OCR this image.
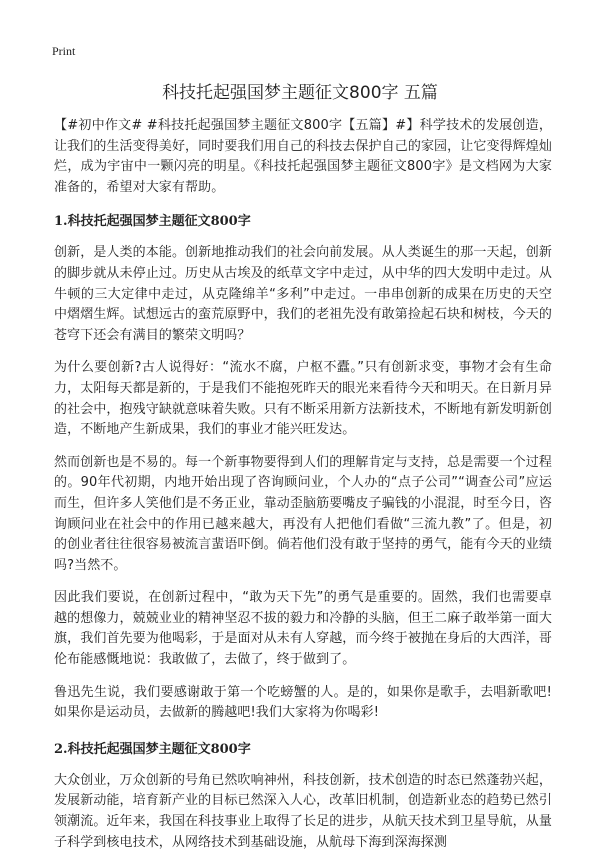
Print
科技托起强国梦主题征文800字 五篇

【#初中作文# #科技托起强国梦主题征文800字【五篇】#】科学技术的发展创造，让我们的生活变得美好，同时要我们用自己的科技去保护自己的家园，让它变得辉煌灿烂，成为宇宙中一颗闪亮的明星。《科技托起强国梦主题征文800字》是文档网为大家准备的，希望对大家有帮助。

1.科技托起强国梦主题征文800字

创新，是人类的本能。创新地推动我们的社会向前发展。从人类诞生的那一天起，创新的脚步就从未停止过。历史从古埃及的纸草文字中走过，从中华的四大发明中走过。从牛顿的三大定律中走过，从克隆绵羊“多利”中走过。一串串创新的成果在历史的天空中熠熠生辉。试想远古的蛮荒原野中，我们的老祖先没有敢第捡起石块和树枝，今天的苍穹下还会有满目的繁荣文明吗？

为什么要创新?古人说得好：“流水不腐，户枢不蠹。”只有创新求变，事物才会有生命力，太阳每天都是新的，于是我们不能抱死昨天的眼光来看待今天和明天。在日新月异的社会中，抱残守缺就意味着失败。只有不断采用新方法新技术，不断地有新发明新创造，不断地产生新成果，我们的事业才能兴旺发达。

然而创新也是不易的。每一个新事物要得到人们的理解肯定与支持，总是需要一个过程的。90年代初期，内地开始出现了咨询顾问业，个人办的“点子公司”“调查公司”应运而生，但许多人笑他们是不务正业，靠动歪脑筋要嘴皮子骗钱的小混混，时至今日，咨询顾问业在社会中的作用已越来越大，再没有人把他们看做“三流九教”了。但是，初的创业者往往很容易被流言蜚语吓倒。倘若他们没有敢于坚持的勇气，能有今天的业绩吗?当然不。

因此我们要说，在创新过程中，“敢为天下先”的勇气是重要的。固然，我们也需要卓越的想像力，兢兢业业的精神坚忍不拔的毅力和冷静的头脑，但王二麻子敢举第一面大旗，我们首先要为他喝彩，于是面对从未有人穿越，而今终于被抛在身后的大西洋，哥伦布能感慨地说：我敢做了，去做了，终于做到了。

鲁迅先生说，我们要感谢敢于第一个吃螃蟹的人。是的，如果你是歌手，去唱新歌吧!如果你是运动员，去做新的腾越吧!我们大家将为你喝彩!

2.科技托起强国梦主题征文800字

大众创业，万众创新的号角已然吹响神州，科技创新，技术创造的时态已然蓬勃兴起，发展新动能，培育新产业的目标已然深入人心，改革旧机制，创造新业态的趋势已然引领潮流。近年来，我国在科技事业上取得了长足的进步，从航天技术到卫星导航，从量子科学到核电技术，从网络技术到基础设施，从航母下海到深海探测
